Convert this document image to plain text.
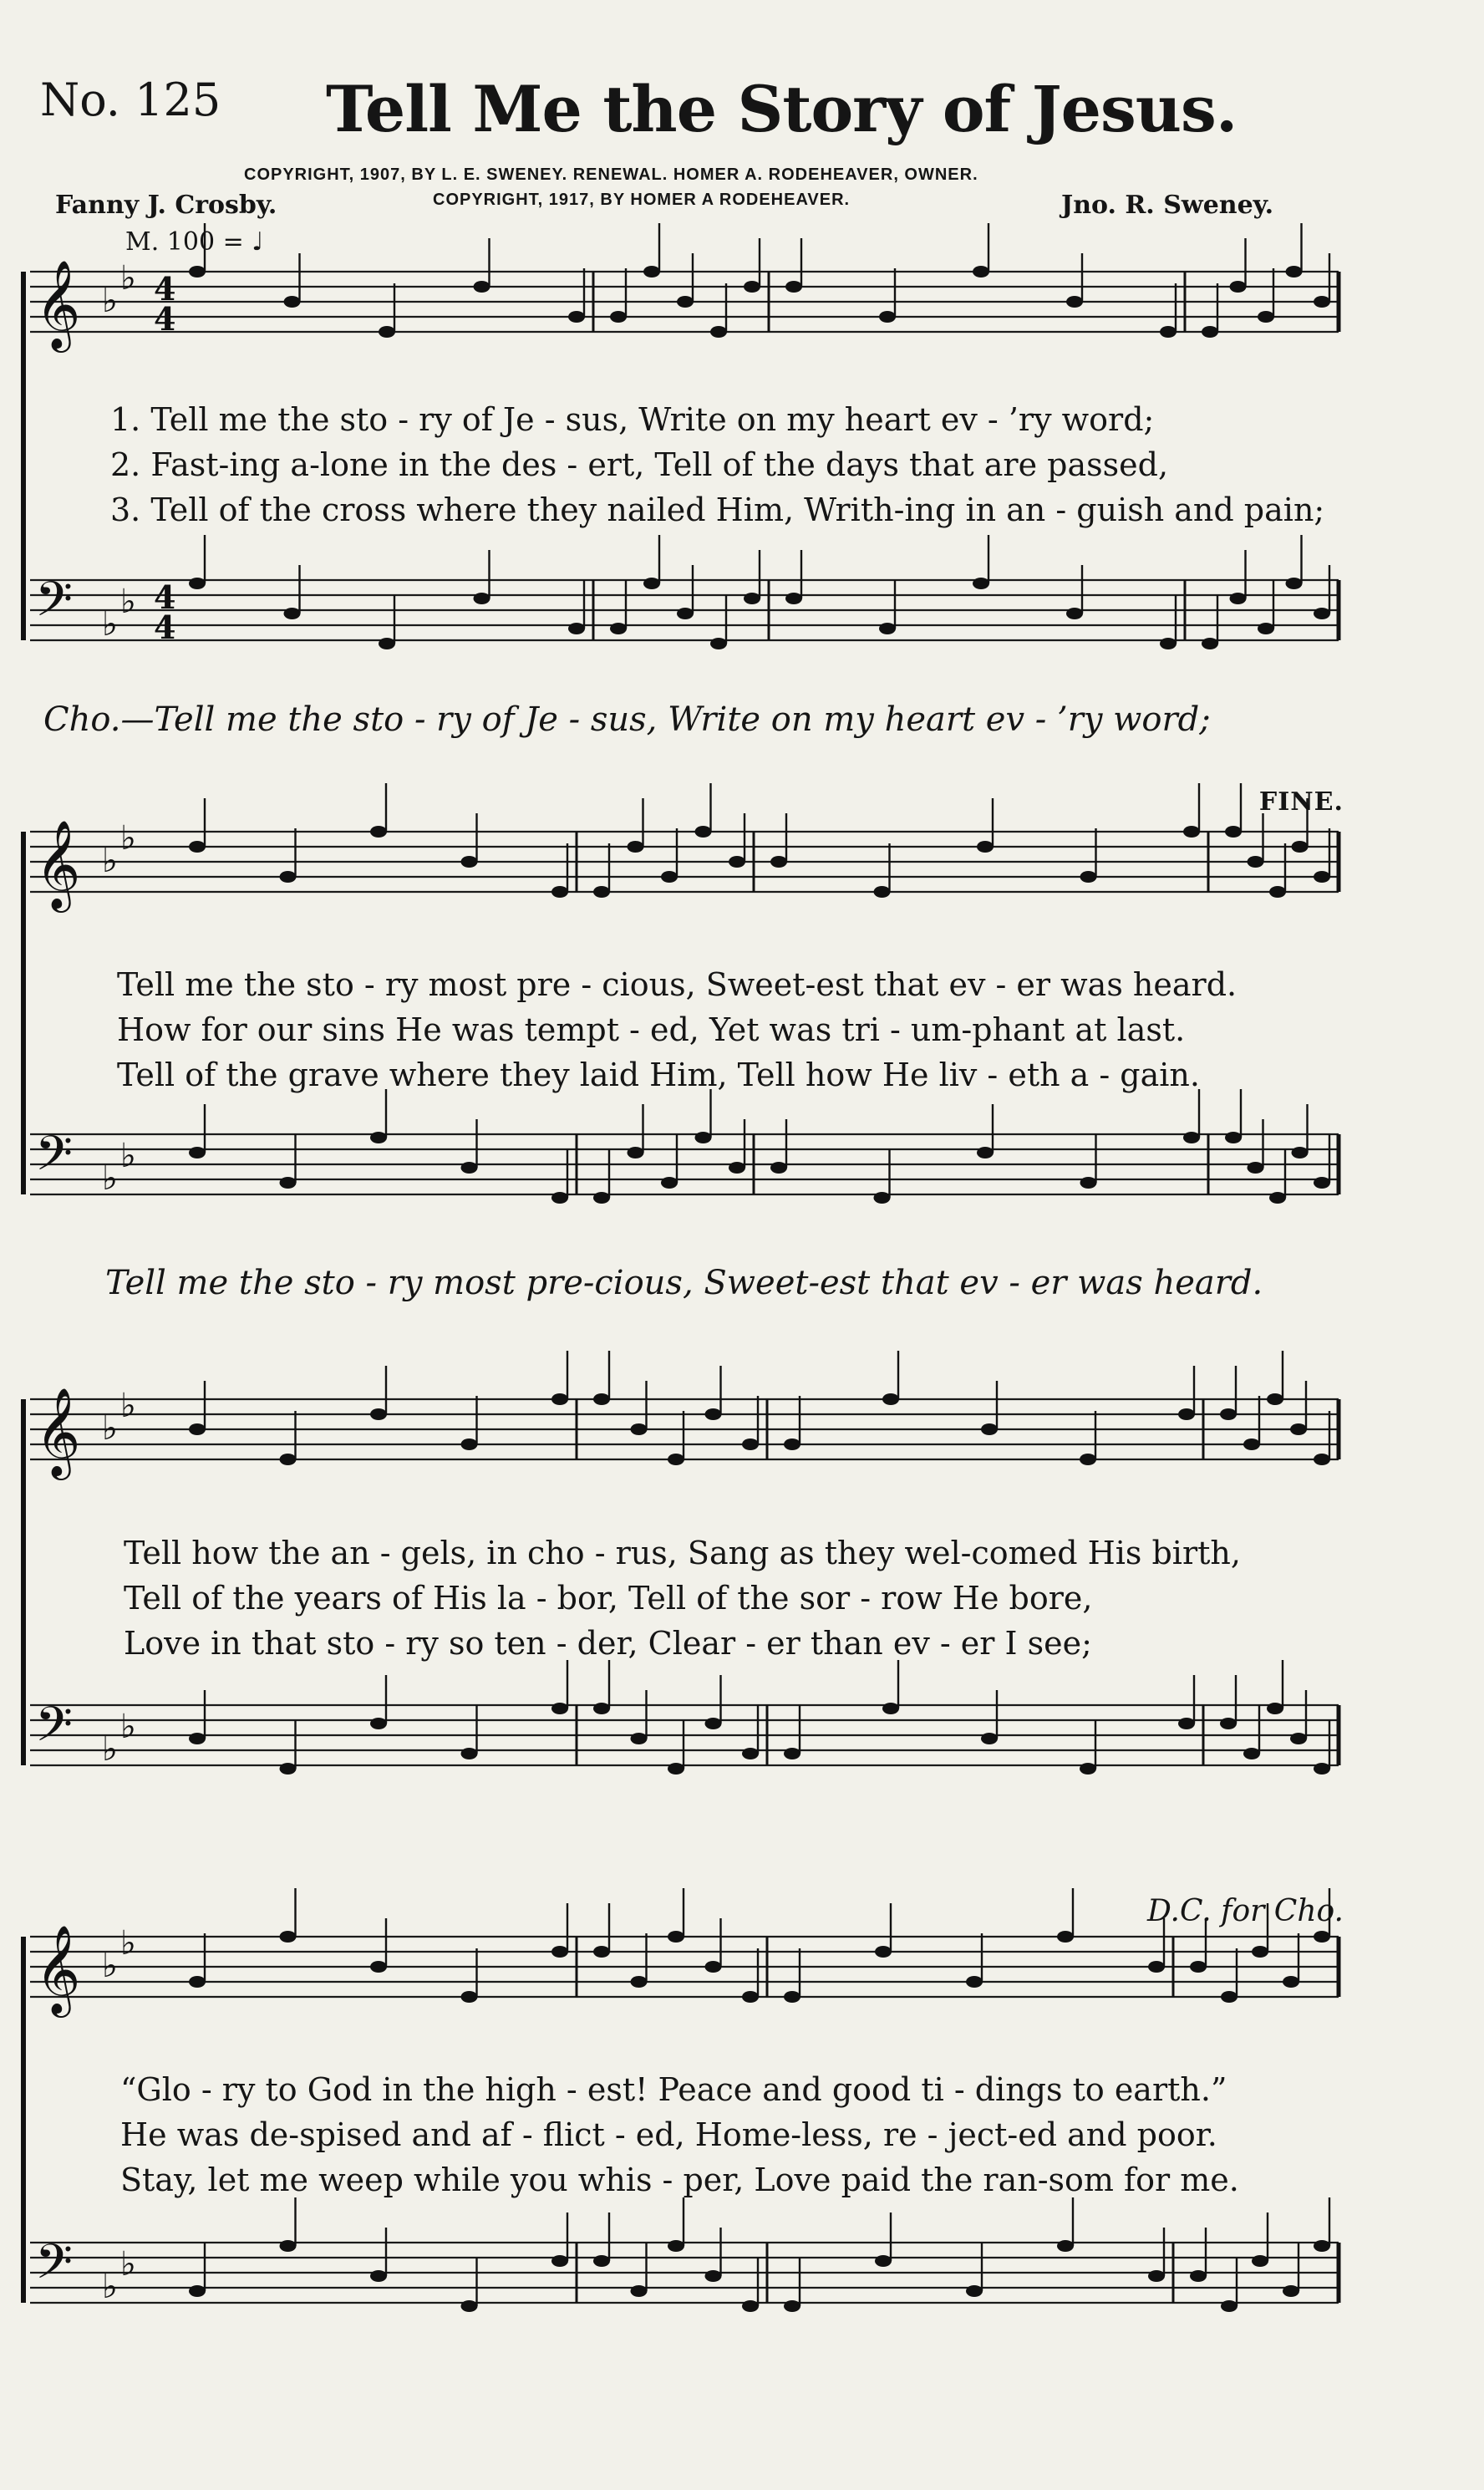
No. 125 Tell Me the Story of Jesus.
COPYRIGHT, 1907, BY L. E. SWENEY. RENEWAL. HOMER A. RODEHEAVER, OWNER.
COPYRIGHT, 1917, BY HOMER A RODEHEAVER.
Fanny J. Crosby.	Jno. R. Sweney.
M. 100 = ♩
FINE.
D.C. for Cho.
𝄞 ♭
♭ 4
4
𝄢 ♭
♭ 4
4
𝄞 ♭
♭
𝄢 ♭
♭
𝄞 ♭
♭
𝄢 ♭
♭
𝄞 ♭
♭
𝄢 ♭
♭
1. Tell me the sto - ry of Je - sus, Write on my heart ev - ’ry word;
2. Fast-ing a-lone in the des - ert, Tell of the days that are passed,
3. Tell of the cross where they nailed Him, Writh-ing in an - guish and pain;
Cho.—Tell me the sto - ry of Je - sus, Write on my heart ev - ’ry word;
Tell me the sto - ry most pre - cious, Sweet-est that ev - er was heard.
How for our sins He was tempt - ed, Yet was tri - um-phant at last.
Tell of the grave where they laid Him, Tell how He liv - eth a - gain.
Tell me the sto - ry most pre-cious, Sweet-est that ev - er was heard.
Tell how the an - gels, in cho - rus, Sang as they wel-comed His birth,
Tell of the years of His la - bor, Tell of the sor - row He bore,
Love in that sto - ry so ten - der, Clear - er than ev - er I see;
“Glo - ry to God in the high - est! Peace and good ti - dings to earth.”
He was de-spised and af - flict - ed, Home-less, re - ject-ed and poor.
Stay, let me weep while you whis - per, Love paid the ran-som for me.
